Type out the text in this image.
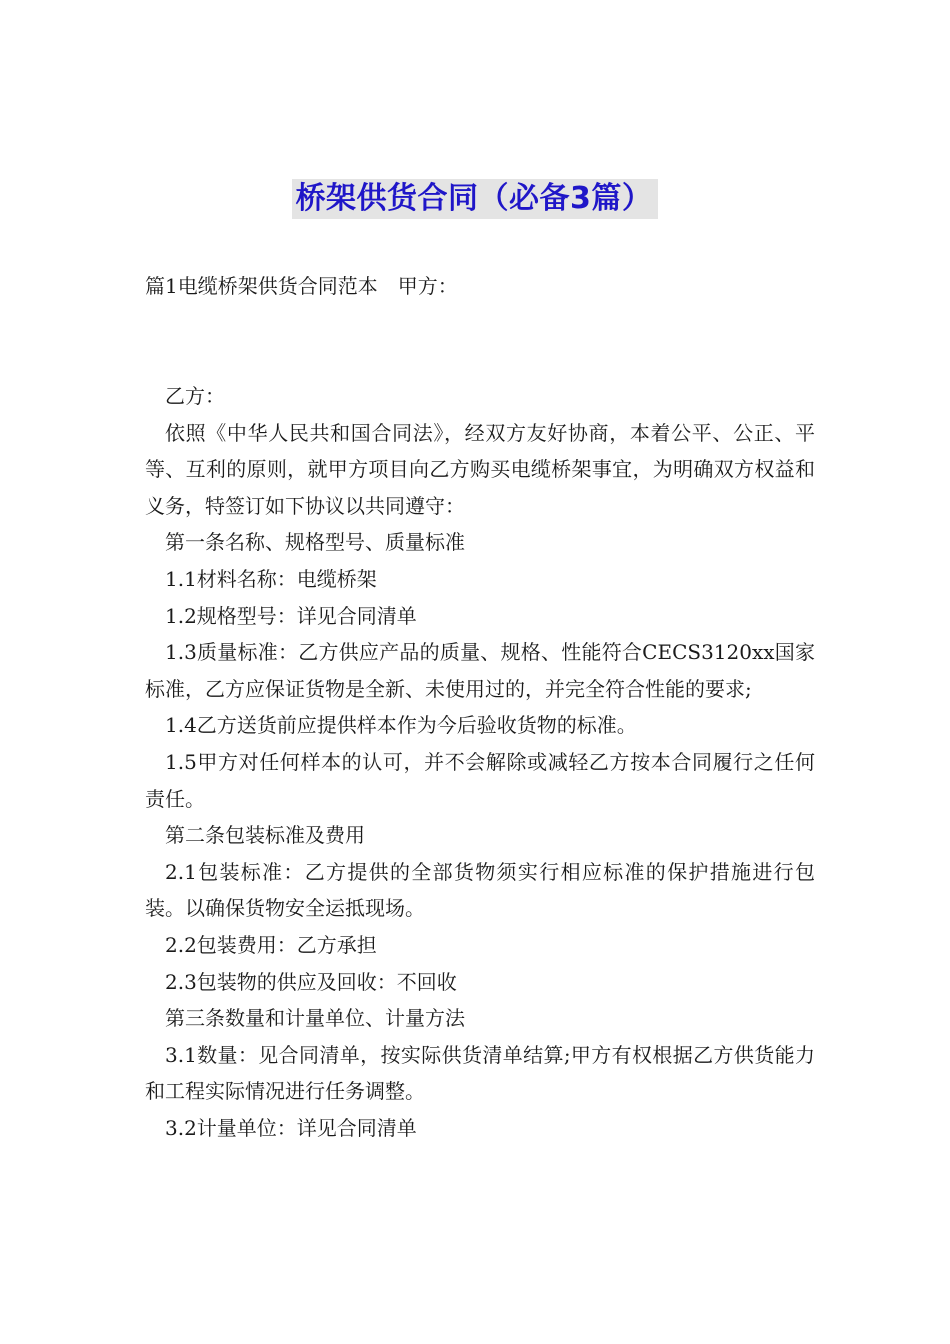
桥架供货合同（必备3篇）
篇1电缆桥架供货合同范本　甲方：

乙方：

依照《中华人民共和国合同法》，经双方友好协商，本着公平、公正、平等、互利的原则，就甲方项目向乙方购买电缆桥架事宜，为明确双方权益和义务，特签订如下协议以共同遵守：

第一条名称、规格型号、质量标准

1.1材料名称：电缆桥架

1.2规格型号：详见合同清单

1.3质量标准：乙方供应产品的质量、规格、性能符合CECS3120xx国家标准，乙方应保证货物是全新、未使用过的，并完全符合性能的要求;

1.4乙方送货前应提供样本作为今后验收货物的标准。

1.5甲方对任何样本的认可，并不会解除或减轻乙方按本合同履行之任何责任。

第二条包装标准及费用

2.1包装标准：乙方提供的全部货物须实行相应标准的保护措施进行包装。以确保货物安全运抵现场。

2.2包装费用：乙方承担

2.3包装物的供应及回收：不回收

第三条数量和计量单位、计量方法

3.1数量：见合同清单，按实际供货清单结算;甲方有权根据乙方供货能力和工程实际情况进行任务调整。

3.2计量单位：详见合同清单
